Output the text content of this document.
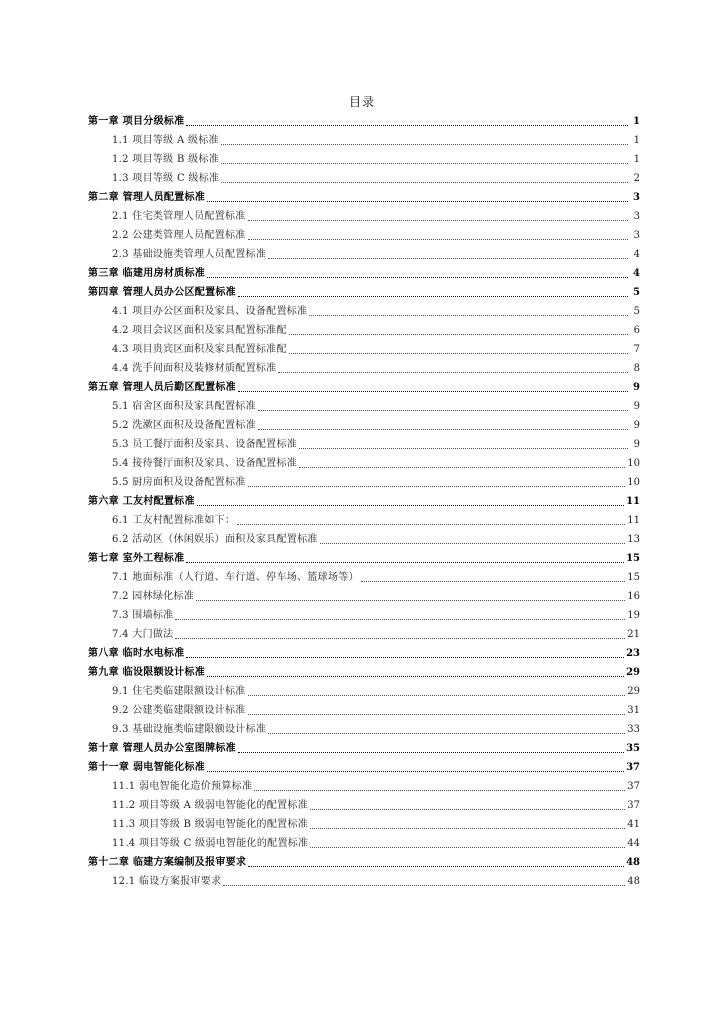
目录
第一章 项目分级标准	1
1.1 项目等级 A 级标准	1
1.2 项目等级 B 级标准	1
1.3 项目等级 C 级标准	2
第二章 管理人员配置标准	3
2.1 住宅类管理人员配置标准	3
2.2 公建类管理人员配置标准	3
2.3 基础设施类管理人员配置标准	4
第三章 临建用房材质标准	4
第四章 管理人员办公区配置标准	5
4.1 项目办公区面积及家具、设备配置标准	5
4.2 项目会议区面积及家具配置标准配	6
4.3 项目贵宾区面积及家具配置标准配	7
4.4 洗手间面积及装修材质配置标准	8
第五章 管理人员后勤区配置标准	9
5.1 宿舍区面积及家具配置标准	9
5.2 洗漱区面积及设备配置标准	9
5.3 员工餐厅面积及家具、设备配置标准	9
5.4 接待餐厅面积及家具、设备配置标准	10
5.5 厨房面积及设备配置标准	10
第六章 工友村配置标准	11
6.1 工友村配置标准如下：	11
6.2 活动区（休闲娱乐）面积及家具配置标准	13
第七章 室外工程标准	15
7.1 地面标准（人行道、车行道、停车场、篮球场等）	15
7.2 园林绿化标准	16
7.3 围墙标准	19
7.4 大门做法	21
第八章 临时水电标准	23
第九章 临设限额设计标准	29
9.1 住宅类临建限额设计标准	29
9.2 公建类临建限额设计标准	31
9.3 基础设施类临建限额设计标准	33
第十章 管理人员办公室图牌标准	35
第十一章 弱电智能化标准	37
11.1 弱电智能化造价预算标准	37
11.2 项目等级 A 级弱电智能化的配置标准	37
11.3 项目等级 B 级弱电智能化的配置标准	41
11.4 项目等级 C 级弱电智能化的配置标准	44
第十二章 临建方案编制及报审要求	48
12.1 临设方案报审要求	48
